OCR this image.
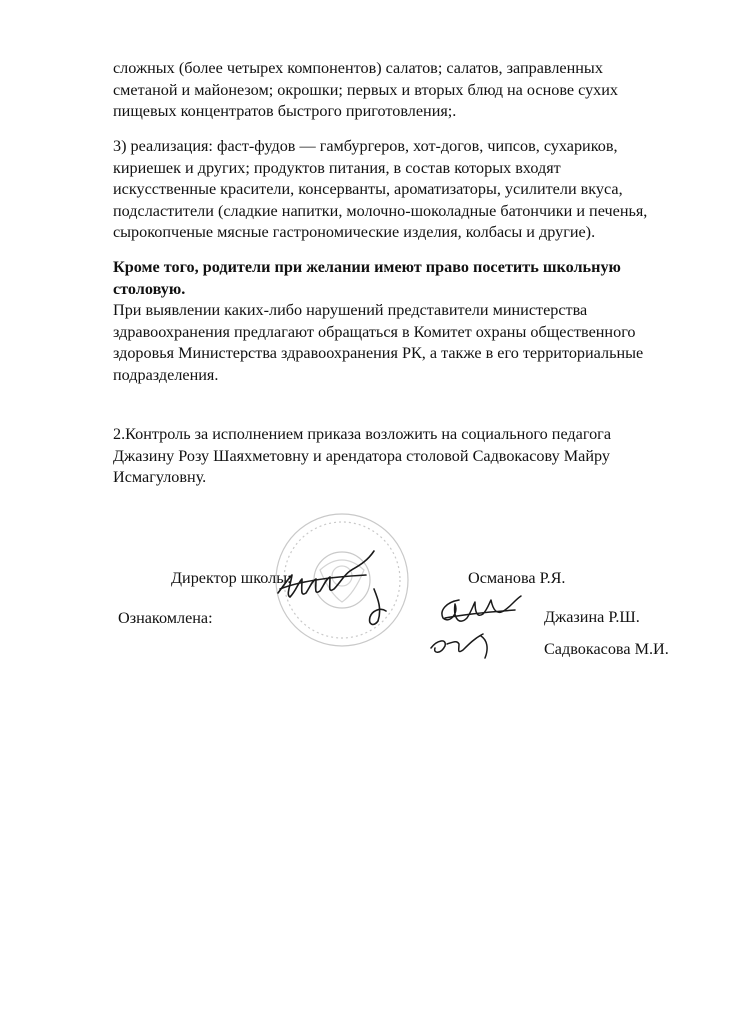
сложных (более четырех компонентов) салатов; салатов, заправленных
сметаной и майонезом; окрошки; первых и вторых блюд на основе сухих
пищевых концентратов быстрого приготовления;.

3) реализация: фаст-фудов — гамбургеров, хот-догов, чипсов, сухариков,
кириешек и других; продуктов питания, в состав которых входят
искусственные красители, консерванты, ароматизаторы, усилители вкуса,
подсластители (сладкие напитки, молочно-шоколадные батончики и печенья,
сырокопченые мясные гастрономические изделия, колбасы и другие).

Кроме того, родители при желании имеют право посетить школьную
столовую.
При выявлении каких-либо нарушений представители министерства
здравоохранения предлагают обращаться в Комитет охраны общественного
здоровья Министерства здравоохранения РК, а также в его территориальные
подразделения.

2.Контроль за исполнением приказа возложить на социального педагога
Джазину Розу Шаяхметовну и арендатора столовой Садвокасову Майру
Исмагуловну.

Директор школы:	Османова Р.Я.
Ознакомлена:	Джазина Р.Ш.
Садвокасова М.И.
